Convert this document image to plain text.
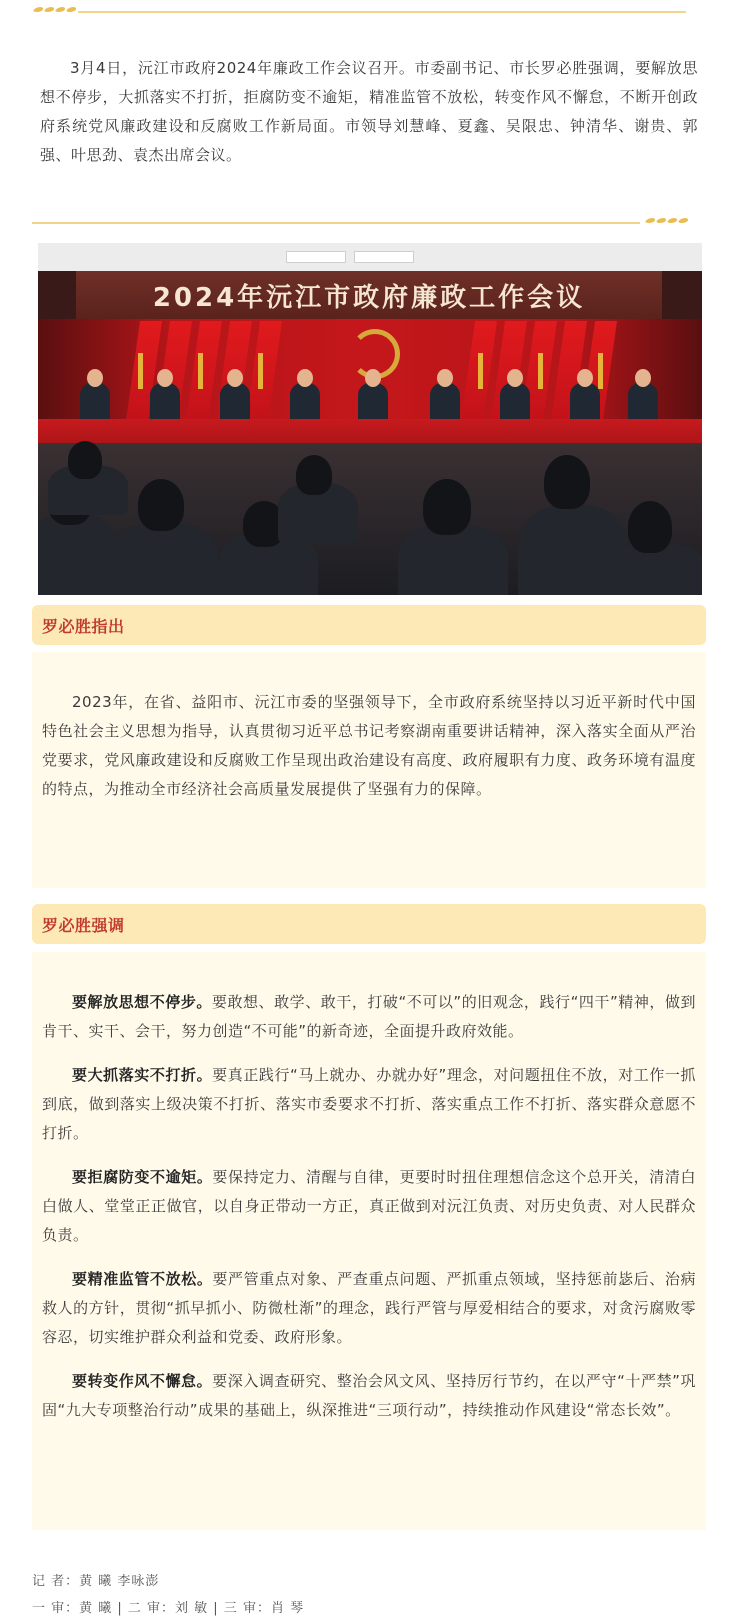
3月4日，沅江市政府2024年廉政工作会议召开。市委副书记、市长罗必胜强调，要解放思想不停步，大抓落实不打折，拒腐防变不逾矩，精准监管不放松，转变作风不懈怠，不断开创政府系统党风廉政建设和反腐败工作新局面。市领导刘慧峰、夏鑫、吴限忠、钟清华、谢贵、郭强、叶思劲、袁杰出席会议。

2024年沅江市政府廉政工作会议
罗必胜指出

2023年，在省、益阳市、沅江市委的坚强领导下，全市政府系统坚持以习近平新时代中国特色社会主义思想为指导，认真贯彻习近平总书记考察湖南重要讲话精神，深入落实全面从严治党要求，党风廉政建设和反腐败工作呈现出政治建设有高度、政府履职有力度、政务环境有温度的特点，为推动全市经济社会高质量发展提供了坚强有力的保障。

罗必胜强调

要解放思想不停步。要敢想、敢学、敢干，打破“不可以”的旧观念，践行“四干”精神，做到肯干、实干、会干，努力创造“不可能”的新奇迹，全面提升政府效能。

要大抓落实不打折。要真正践行“马上就办、办就办好”理念，对问题扭住不放，对工作一抓到底，做到落实上级决策不打折、落实市委要求不打折、落实重点工作不打折、落实群众意愿不打折。

要拒腐防变不逾矩。要保持定力、清醒与自律，更要时时扭住理想信念这个总开关，清清白白做人、堂堂正正做官，以自身正带动一方正，真正做到对沅江负责、对历史负责、对人民群众负责。

要精准监管不放松。要严管重点对象、严查重点问题、严抓重点领域，坚持惩前毖后、治病救人的方针，贯彻“抓早抓小、防微杜渐”的理念，践行严管与厚爱相结合的要求，对贪污腐败零容忍，切实维护群众利益和党委、政府形象。

要转变作风不懈怠。要深入调查研究、整治会风文风、坚持厉行节约，在以严守“十严禁”巩固“九大专项整治行动”成果的基础上，纵深推进“三项行动”，持续推动作风建设“常态长效”。

记 者：黄 曦 李咏澎
一 审：黄 曦 | 二 审：刘 敏 | 三 审：肖 琴
